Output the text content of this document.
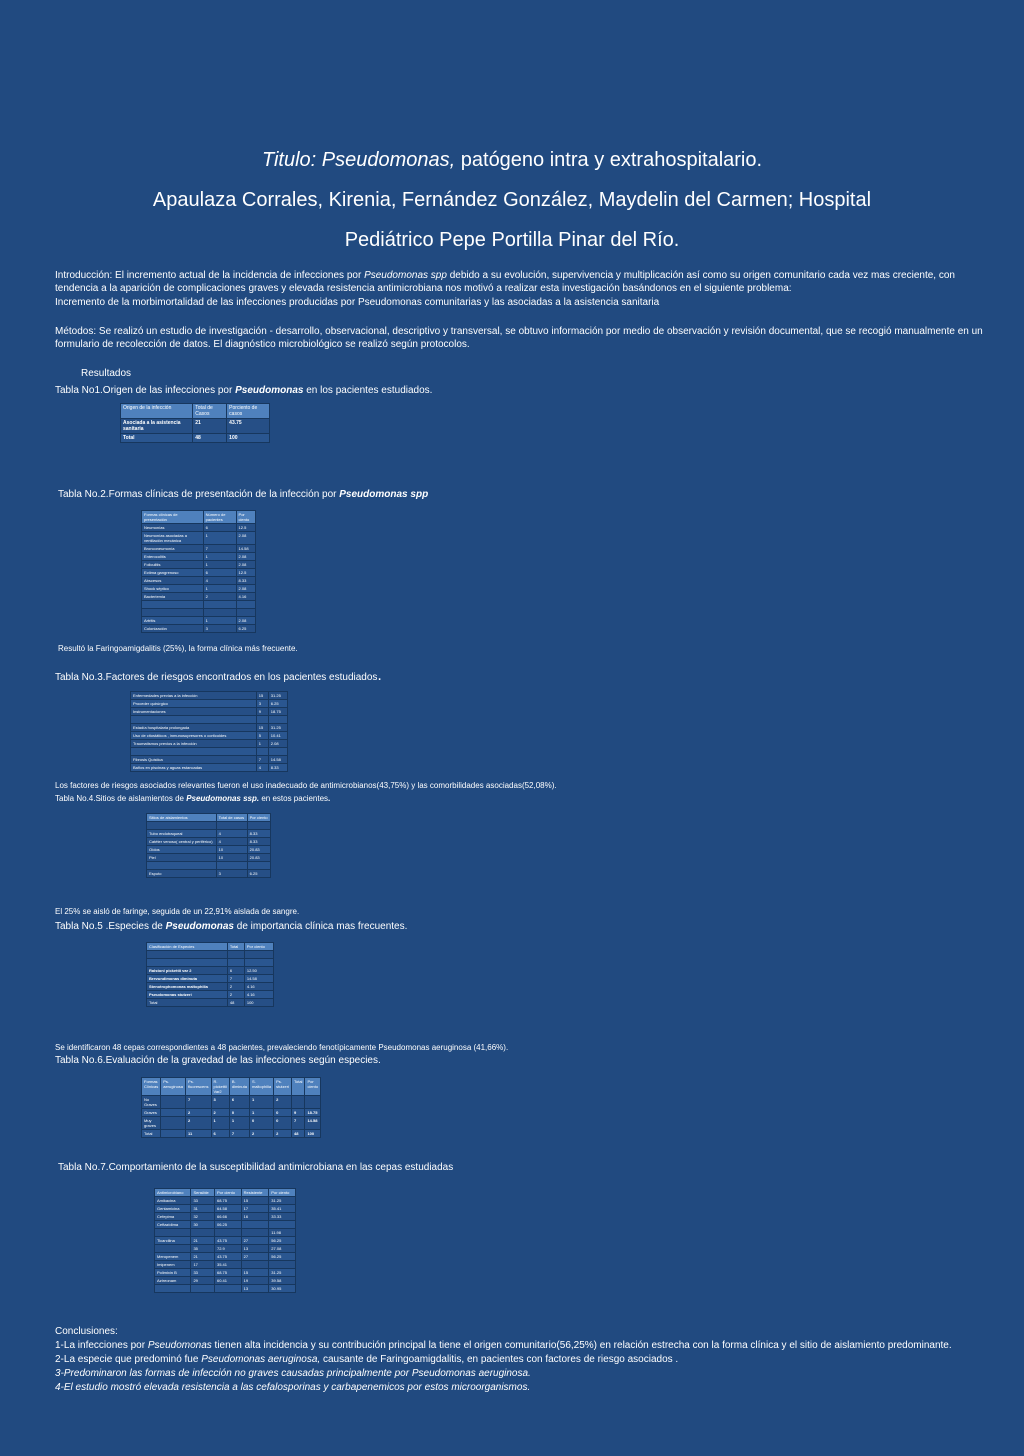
Titulo: Pseudomonas, patógeno intra y extrahospitalario.
Apaulaza Corrales, Kirenia, Fernández González, Maydelin del Carmen; Hospital
Pediátrico Pepe Portilla Pinar del Río.
Introducción: El incremento actual de la incidencia de infecciones por Pseudomonas spp debido a su evolución, supervivencia y multiplicación así como su origen comunitario cada vez mas creciente, con tendencia a la aparición de complicaciones graves y elevada resistencia antimicrobiana nos motivó a realizar esta investigación basándonos en el siguiente problema:
Incremento de la morbimortalidad de las infecciones producidas por Pseudomonas comunitarias y las asociadas a la asistencia sanitaria
Métodos: Se realizó un estudio de investigación - desarrollo, observacional, descriptivo y transversal, se obtuvo información por medio de observación y revisión documental, que se recogió manualmente en un formulario de recolección de datos. El diagnóstico microbiológico se realizó según protocolos.
Resultados
Tabla No1.Origen de las infecciones por Pseudomonas en los pacientes estudiados.
Origen de la infección	Total de Casos	Porciento de casos
Asociada a la asistencia sanitaria	21	43.75
Total	48	100
Tabla No.2.Formas clínicas de presentación de la infección por Pseudomonas spp
Formas clínicas de presentación	Número de pacientes	Por ciento
Neumonías	6	12.5
Neumonías asociadas a ventilación mecánica	1	2.08
Bronconeumonía	7	14.58
Enterocolitis	1	2.08
Foliculitis	1	2.08
Ectima gangrenoso	6	12.5
Abscesos	4	8.33
Shock séptico	1	2.08
Bacteriemia	2	4.16

Artritis	1	2.08
Colonización	3	6.25
Resultó la Faringoamigdalitis (25%), la forma clínica más frecuente.
Tabla No.3.Factores de riesgos encontrados en los pacientes estudiados.
Enfermedades previas a la infección	15	31.25
Proceder quirúrgico	3	6.25
Instrumentaciones	9	18.75

Estadía hospitalaria prolongada	15	31.25
Uso de citostáticos , inmunosupresores o corticoides	5	10.41
Traumatismos previos a la infección	1	2.08

Fibrosis Quística	7	14.58
Baños en piscinas y aguas estancadas	4	8.33
Los factores de riesgos asociados relevantes fueron el uso inadecuado de antimicrobianos(43,75%) y las comorbilidades asociadas(52,08%).
Tabla No.4.Sitios de aislamientos de Pseudomonas ssp. en estos pacientes.
Sitios de aislamientos	Total de casos	Por ciento

Tubo endotraqueal	4	8.33
Catéter venoso( central y periférico)	4	8.33
Oídos	10	20.83
Piel	10	20.83

Esputo	3	6.25
El 25% se aisló de faringe, seguida de un 22,91% aislada de sangre.
Tabla No.5 .Especies de Pseudomonas de importancia clínica mas frecuentes.
Clasificación de Especies	Total	Por ciento

Ralstoni pickettii var 2	6	12.50
Brevundimonas diminuta	7	14.58
Stenotrophomonas maltophilia	2	4.16
Pseudomonas stutzeri	2	4.16
Total	48	100
Se identificaron 48 cepas correspondientes a 48 pacientes, prevaleciendo fenotípicamente Pseudomonas aeruginosa (41,66%).
Tabla No.6.Evaluación de la gravedad de las infecciones según especies.
Formas Clínicas	Ps. aeruginosa	Ps. fluorescens	R. pickettii Var2	B. diminuta	S. maltophilia	Ps. stutzeri	Total	Por ciento
No Graves		7	3	6	1	2		
Graves		2	2	0	1	0	9	18.75
Muy graves		2	1	1	0	0	7	14.58
Total		11	6	7	2	2	48	100
Tabla No.7.Comportamiento de la susceptibilidad antimicrobiana en las cepas estudiadas
Antimicrobiano	Sensible	Por ciento	Resistente	Por ciento
Amikacina	33	68.75	15	31.25
Gentamicina	31	64.58	17	35.41
Cefepima	32	66.66	16	33.33
Ceftazidima	30	06.25		
				11.98
Ticarcilina	21	43.75	27	56.25
	35	72.9	13	27.08
Meropenem	21	43.75	27	56.25
Imipenem	17	35.41		
Polimixin B	33	68.75	15	31.25
Aztreonam	29	60.41	19	39.58
			13	30.95
Conclusiones:
1-La infecciones por Pseudomonas tienen alta incidencia y su contribución principal la tiene el origen comunitario(56,25%) en relación estrecha con la forma clínica y el sitio de aislamiento predominante.
2-La especie que predominó fue Pseudomonas aeruginosa, causante de Faringoamigdalitis, en pacientes con factores de riesgo asociados .
3-Predominaron las formas de infección no graves causadas principalmente por Pseudomonas aeruginosa.
4-El estudio mostró elevada resistencia a las cefalosporinas y carbapenemicos por estos microorganismos.
